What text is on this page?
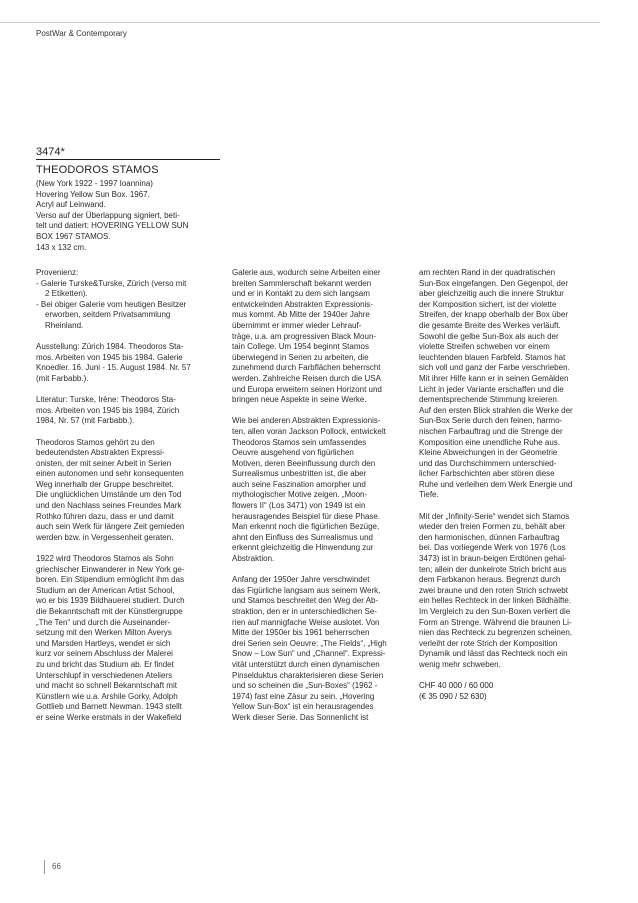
PostWar & Contemporary
3474*
THEODOROS STAMOS
(New York 1922 - 1997 Ioannina)
Hovering Yellow Sun Box. 1967.
Acryl auf Leinwand.
Verso auf der Überlappung signiert, beti-
telt und datiert: HOVERING YELLOW SUN
BOX 1967 STAMOS.
143 x 132 cm.
Provenienz:
- Galerie Turske&Turske, Zürich (verso mit
2 Etiketten).
- Bei obiger Galerie vom heutigen Besitzer
erworben, seitdem Privatsammlung
Rheinland.
Ausstellung: Zürich 1984. Theodoros Sta-
mos. Arbeiten von 1945 bis 1984. Galerie
Knoedler. 16. Juni - 15. August 1984. Nr. 57
(mit Farbabb.).
Literatur: Turske, Irène: Theodoros Sta-
mos. Arbeiten von 1945 bis 1984, Zürich
1984, Nr. 57 (mit Farbabb.).
Theodoros Stamos gehört zu den
bedeutendsten Abstrakten Expressi-
onisten, der mit seiner Arbeit in Serien
einen autonomen und sehr konsequenten
Weg innerhalb der Gruppe beschreitet.
Die unglücklichen Umstände um den Tod
und den Nachlass seines Freundes Mark
Rothko führen dazu, dass er und damit
auch sein Werk für längere Zeit gemieden
werden bzw. in Vergessenheit geraten.
1922 wird Theodoros Stamos als Sohn
griechischer Einwanderer in New York ge-
boren. Ein Stipendium ermöglicht ihm das
Studium an der American Artist School,
wo er bis 1939 Bildhauerei studiert. Durch
die Bekanntschaft mit der Künstlergruppe
„The Ten“ und durch die Auseinander-
setzung mit den Werken Milton Averys
und Marsden Hartleys, wendet er sich
kurz vor seinem Abschluss der Malerei
zu und bricht das Studium ab. Er findet
Unterschlupf in verschiedenen Ateliers
und macht so schnell Bekanntschaft mit
Künstlern wie u.a. Arshile Gorky, Adolph
Gottlieb und Barnett Newman. 1943 stellt
er seine Werke erstmals in der Wakefield
Galerie aus, wodurch seine Arbeiten einer
breiten Sammlerschaft bekannt werden
und er in Kontakt zu dem sich langsam
entwickelnden Abstrakten Expressionis-
mus kommt. Ab Mitte der 1940er Jahre
übernimmt er immer wieder Lehrauf-
träge, u.a. am progressiven Black Moun-
tain College. Um 1954 beginnt Stamos
überwiegend in Serien zu arbeiten, die
zunehmend durch Farbflächen beherrscht
werden. Zahlreiche Reisen durch die USA
und Europa erweitern seinen Horizont und
bringen neue Aspekte in seine Werke.
Wie bei anderen Abstrakten Expressionis-
ten, allen voran Jackson Pollock, entwickelt
Theodoros Stamos sein umfassendes
Oeuvre ausgehend von figürlichen
Motiven, deren Beeinflussung durch den
Surrealismus unbestritten ist, die aber
auch seine Faszination amorpher und
mythologischer Motive zeigen. „Moon-
flowers II“ (Los 3471) von 1949 ist ein
herausragendes Beispiel für diese Phase.
Man erkennt noch die figürlichen Bezüge,
ahnt den Einfluss des Surrealismus und
erkennt gleichzeitig die Hinwendung zur
Abstraktion.
Anfang der 1950er Jahre verschwindet
das Figürliche langsam aus seinem Werk,
und Stamos beschreitet den Weg der Ab-
straktion, den er in unterschiedlichen Se-
rien auf mannigfache Weise auslotet. Von
Mitte der 1950er bis 1961 beherrschen
drei Serien sein Oeuvre: „The Fields“, „High
Snow – Low Sun“ und „Channel“. Expressi-
vität unterstützt durch einen dynamischen
Pinselduktus charakterisieren diese Serien
und so scheinen die „Sun-Boxes“ (1962 -
1974) fast eine Zäsur zu sein. „Hovering
Yellow Sun-Box“ ist ein herausragendes
Werk dieser Serie. Das Sonnenlicht ist
am rechten Rand in der quadratischen
Sun-Box eingefangen. Den Gegenpol, der
aber gleichzeitig auch die innere Struktur
der Komposition sichert, ist der violette
Streifen, der knapp oberhalb der Box über
die gesamte Breite des Werkes verläuft.
Sowohl die gelbe Sun-Box als auch der
violette Streifen schweben vor einem
leuchtenden blauen Farbfeld. Stamos hat
sich voll und ganz der Farbe verschrieben.
Mit ihrer Hilfe kann er in seinen Gemälden
Licht in jeder Variante erschaffen und die
dementsprechende Stimmung kreieren.
Auf den ersten Blick strahlen die Werke der
Sun-Box Serie durch den feinen, harmo-
nischen Farbauftrag und die Strenge der
Komposition eine unendliche Ruhe aus.
Kleine Abweichungen in der Geometrie
und das Durchschimmern unterschied-
licher Farbschichten aber stören diese
Ruhe und verleihen dem Werk Energie und
Tiefe.
Mit der „Infinity-Serie“ wendet sich Stamos
wieder den freien Formen zu, behält aber
den harmonischen, dünnen Farbauftrag
bei. Das vorliegende Werk von 1976 (Los
3473) ist in braun-beigen Erdtönen gehal-
ten; allein der dunkelrote Strich bricht aus
dem Farbkanon heraus. Begrenzt durch
zwei braune und den roten Strich schwebt
ein helles Rechteck in der linken Bildhälfte.
Im Vergleich zu den Sun-Boxen verliert die
Form an Strenge. Während die braunen Li-
nien das Rechteck zu begrenzen scheinen,
verleiht der rote Strich der Komposition
Dynamik und lässt das Rechteck noch ein
wenig mehr schweben.
CHF 40 000 / 60 000
(€ 35 090 / 52 630)
66
